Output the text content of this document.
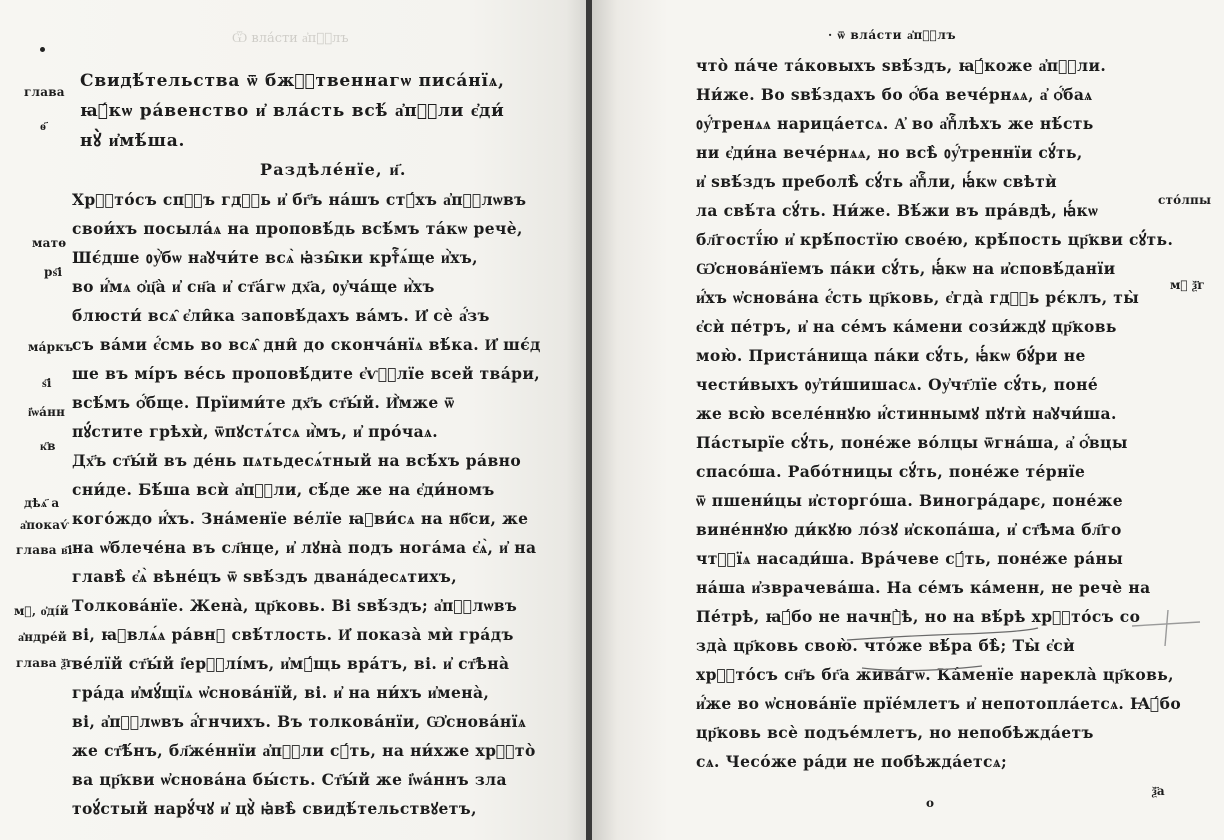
Ѿ вла́сти а҆пⷭ҇лъ
глава
ѳ҃
матѳ
рѕ҃і
ма́ркъ
ѕ҃і
і҆ѡа́нн
к҃в
дѣѧ҃ а
а҆покаѵ́
глава в҃і
мⷣ, о҆ді́й
а҆ндре́й
глава ѯ҃г
Свидѣ́тельства ѿ бжⷭ҇твеннагѡ писа́нїѧ,
ꙗ҆́кѡ ра́венство и҆ вла́сть всѣ́ а҆пⷭ҇ли є҆ди́
нꙋ̀ и҆мѣ́ша.
Раздѣле́нїе, и҃.
Хрⷭ҇то́съ спⷭ҇ъ гдⷭ҇ь и҆ бг҃ъ на́шъ стꙋ́хъ а҆пⷭ҇лѡвъ
свои́хъ посыла́ѧ на проповѣ́дь всѣ́мъ та́кѡ речѐ,
Шє́дше ᲂу҆̀бѡ на҆ꙋчи́те всѧ̀ ꙗ҆зы̑ки кртⷭ҇ѧ́ще и҆̀хъ,
во и҆́мѧ ѻ҆ц҃а̀ и҆ сн҃а и҆ ст҃а́гѡ дх҃а, ᲂу҆ча́ще и҆̀хъ
блюсти́ всѧ̑ є҆ли̑ка заповѣ́дахъ ва́мъ. И҆ сѐ а҆́зъ
съ ва́ми є҆́смь во всѧ̑ дни̑ до сконча́нїѧ вѣ́ка. И҆ шє́д
ше въ мі́ръ ве́сь проповѣ́дите є҆ѵⷢ҇лїе всей тва́ри,
всѣ́мъ ѻ҆́бще. Прїими́те дх҃ъ ст҃ы́й. И҆̀мже ѿ
пꙋ́стите грѣхѝ, ѿпꙋстѧ́тсѧ и҆̀мъ, и҆ про́чаѧ.
Дх҃ъ ст҃ы́й въ де́нь пѧтьдесѧ́тный на всѣ́хъ ра́вно
сни́де. Бѣ́ша всѝ а҆пⷭ҇ли, сѣ́де же на є҆ди́номъ
кого́ждо и҆́хъ. Зна́менїе ве́лїе ꙗ҆ви́сѧ на нб҃си, же
на ѡ҆блече́на въ сл҃нце, и҆ лꙋна̀ подъ нога́ма є҆ѧ̀, и҆ на
главѣ̀ є҆ѧ̀ вѣне́цъ ѿ ѕвѣ́здъ двана́десѧтихъ,
Толкова́нїе. Жена̀, цр҃ковь. Ві ѕвѣ́здъ; а҆пⷭ҇лѡвъ
ві, ꙗ҆влѧ́ѧ ра́внꙋ свѣ́тлость. И҆ показа̀ мѝ гра́дъ
ве́лїй ст҃ы́й і҆ерⷭ҇лі́мъ, и҆мꙋ́щь вра́тъ, ві. и҆ ст҃ѣна̀
гра́да и҆мꙋ́щїѧ ѡ҆снова́нїй, ві. и҆ на ни́хъ и҆мена̀,
ві, а҆пⷭ҇лѡвъ а҆́гнчихъ. Въ толкова́нїи, Ѡ҆снова́нїѧ
же ст҃ѣ́нъ, бл҃же́ннїи а҆пⷭ҇ли сꙋ́ть, на ни́хже хрⷭ҇то̀
ва цр҃кви ѡ҆снова́на бы́сть. Ст҃ы́й же і҆ѡа́ннъ зла
тоꙋ́стый нарꙋ́чꙋ и҆ цꙋ̀ ꙗ҆вѣ̀ свидѣ́тельствꙋетъ,
· ѿ вла́сти а҆пⷭ҇лъ
сто́лпы
мⷴ ѯ҃г
что̀ па́че та́ковыхъ ѕвѣ́здъ, ꙗ҆́коже а҆пⷭ҇ли.
Ни́же. Во ѕвѣ́здахъ бо ѻ҆́ба вече́рнѧѧ, а҆ ѻ҆́баѧ
ᲂу҆́тренѧѧ нарица́етсѧ. А҆ во а҆пⷭ҇лѣхъ же нѣ́сть
ни є҆ди́на вече́рнѧѧ, но всѣ̀ ᲂу҆́треннїи сꙋ́ть,
и҆ ѕвѣ́здъ преболѣ̀ сꙋ́ть а҆пⷭ҇ли, ꙗ҆́кѡ свѣтѝ
ла свѣ́та сꙋ́ть. Ни́же. Вѣ́жи въ пра́вдѣ, ꙗ҆́кѡ
бл҃гостї́ю и҆ крѣ́постїю свое́ю, крѣ́пость цр҃кви сꙋ́ть.
Ѡ҆снова́нїемъ па́ки сꙋ́ть, ꙗ҆́кѡ на и҆сповѣ́данїи
и҆́хъ ѡ҆снова́на є҆́сть цр҃ковь, є҆гда̀ гдⷭ҇ь рє́клъ, ты̀
є҆сѝ пе́тръ, и҆ на се́мъ ка́мени сози́ждꙋ цр҃ковь
мою̀. Приста́нища па́ки сꙋ́ть, ꙗ҆́кѡ бꙋ́ри не
чести́выхъ ᲂу҆ти́шишасѧ. Оу҆чт҃лїе сꙋ́ть, поне́
же всю̀ вселе́ннꙋю и҆́стиннымꙋ пꙋтѝ на҆ꙋчи́ша.
Па́стырїе сꙋ́ть, поне́же во́лцы ѿгна́ша, а҆ ѻ҆́вцы
спасо́ша. Рабо́тницы сꙋ́ть, поне́же те́рнїе
ѿ пшени́цы и҆сторго́ша. Виногра́дарє, поне́же
вине́ннꙋю ди́кꙋю ло́зꙋ и҆скопа́ша, и҆ ст҃ѣма бл҃го
чтⷭ҇їѧ насади́ша. Вра́чеве сꙋ́ть, поне́же ра́ны
на́ша и҆зврачева́ша. На се́мъ ка́менн, не речѐ на
Пе́трѣ, ꙗ҆́бо не начнꙋ̀ѣ, но на вѣ́рѣ хрⷭ҇то́съ со
зда̀ цр҃ковь свою̀. что́же вѣ́ра бѣ̀; Ты̀ є҆сѝ
хрⷭ҇то́съ сн҃ъ бг҃а жива́гѡ. Ка́менїе нарекла̀ цр҃ковь,
и҆́же во ѡ҆снова́нїе прїе́млетъ и҆ непотопла́етсѧ. Ꙗ҆́бо
цр҃ковь всѐ подъе́млетъ, но непобѣжда́етъ
сѧ. Чесо́же ра́ди не побѣжда́етсѧ;
о
ѯ҃а
